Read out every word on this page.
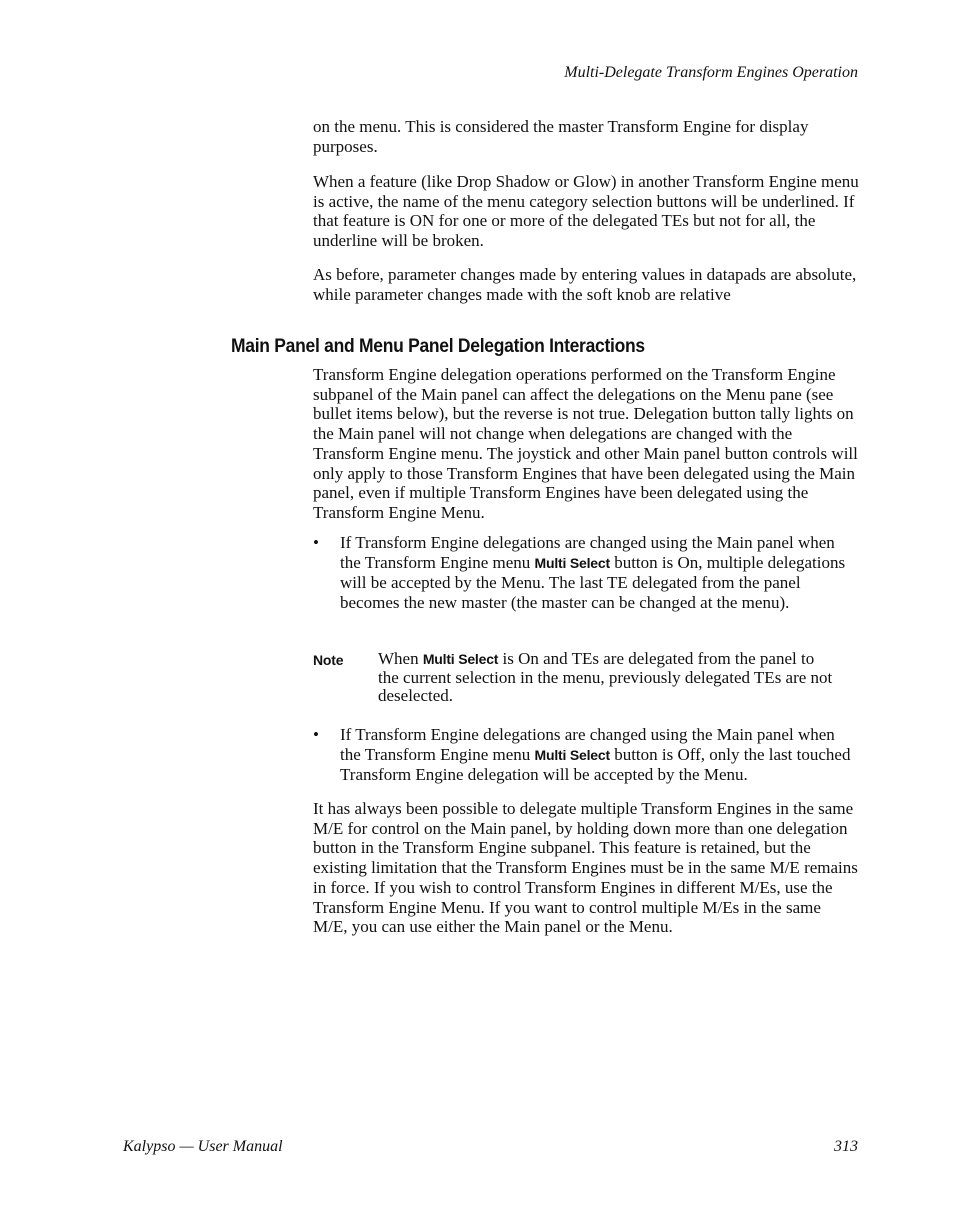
Multi-Delegate Transform Engines Operation

on the menu. This is considered the master Transform Engine for display purposes.

When a feature (like Drop Shadow or Glow) in another Transform Engine menu is active, the name of the menu category selection buttons will be underlined. If that feature is ON for one or more of the delegated TEs but not for all, the underline will be broken.

As before, parameter changes made by entering values in datapads are absolute, while parameter changes made with the soft knob are relative

Main Panel and Menu Panel Delegation Interactions

Transform Engine delegation operations performed on the Transform Engine subpanel of the Main panel can affect the delegations on the Menu pane (see bullet items below), but the reverse is not true. Delegation button tally lights on the Main panel will not change when delegations are changed with the Transform Engine menu. The joystick and other Main panel button controls will only apply to those Transform Engines that have been delegated using the Main panel, even if multiple Transform Engines have been delegated using the Transform Engine Menu.

• If Transform Engine delegations are changed using the Main panel when the Transform Engine menu Multi Select button is On, multiple delegations will be accepted by the Menu. The last TE delegated from the panel becomes the new master (the master can be changed at the menu).
Note When Multi Select is On and TEs are delegated from the panel to the current selection in the menu, previously delegated TEs are not deselected.
• If Transform Engine delegations are changed using the Main panel when the Transform Engine menu Multi Select button is Off, only the last touched Transform Engine delegation will be accepted by the Menu.

It has always been possible to delegate multiple Transform Engines in the same M/E for control on the Main panel, by holding down more than one delegation button in the Transform Engine subpanel. This feature is retained, but the existing limitation that the Transform Engines must be in the same M/E remains in force. If you wish to control Transform Engines in different M/Es, use the Transform Engine Menu. If you want to control multiple M/Es in the same M/E, you can use either the Main panel or the Menu.

Kalypso — User Manual	313
